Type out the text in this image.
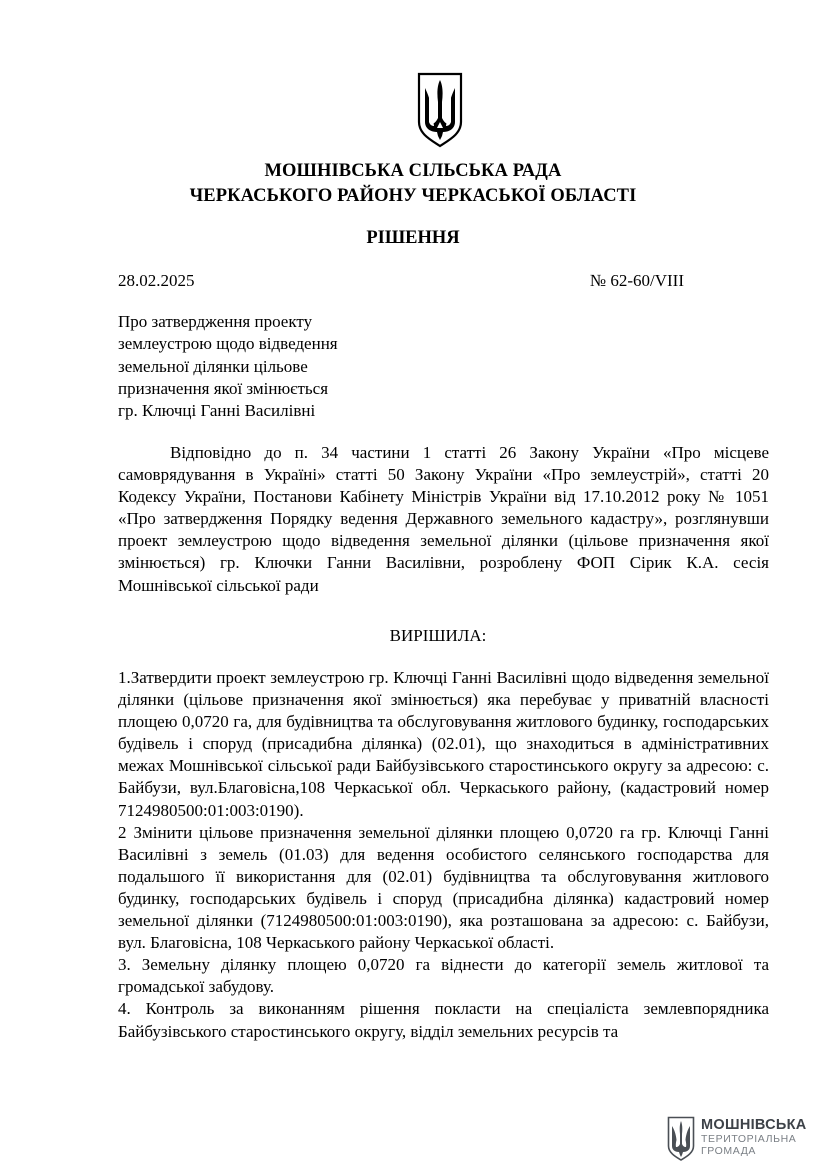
МОШНІВСЬКА СІЛЬСЬКА РАДА
ЧЕРКАСЬКОГО РАЙОНУ ЧЕРКАСЬКОЇ ОБЛАСТІ
РІШЕННЯ
28.02.2025	№ 62-60/VIII
Про затвердження проекту
землеустрою щодо відведення
земельної ділянки цільове
призначення якої змінюється
гр. Ключці Ганні Василівні
Відповідно до п. 34 частини 1 статті 26 Закону України «Про місцеве самоврядування в Україні» статті 50 Закону України «Про землеустрій», статті 20 Кодексу України, Постанови Кабінету Міністрів України від 17.10.2012 року № 1051 «Про затвердження Порядку ведення Державного земельного кадастру», розглянувши проект землеустрою щодо відведення земельної ділянки (цільове призначення якої змінюється) гр. Ключки Ганни Василівни, розроблену ФОП Сірик К.А. сесія Мошнівської сільської ради
ВИРІШИЛА:

1.Затвердити проект землеустрою гр. Ключці Ганні Василівні щодо відведення земельної ділянки (цільове призначення якої змінюється) яка перебуває у приватній власності площею 0,0720 га, для будівництва та обслуговування житлового будинку, господарських будівель і споруд (присадибна ділянка) (02.01), що знаходиться в адміністративних межах Мошнівської сільської ради Байбузівського старостинського округу за адресою: с. Байбузи, вул.Благовісна,108 Черкаської обл. Черкаського району, (кадастровий номер 7124980500:01:003:0190).

2 Змінити цільове призначення земельної ділянки площею 0,0720 га гр. Ключці Ганні Василівні з земель (01.03) для ведення особистого селянського господарства для подальшого її використання для (02.01) будівництва та обслуговування житлового будинку, господарських будівель і споруд (присадибна ділянка) кадастровий номер земельної ділянки (7124980500:01:003:0190), яка розташована за адресою: с. Байбузи, вул. Благовісна, 108 Черкаського району Черкаської області.

3. Земельну ділянку площею 0,0720 га віднести до категорії земель житлової та громадської забудову.

4. Контроль за виконанням рішення покласти на спеціаліста землевпорядника Байбузівського старостинського округу, відділ земельних ресурсів та

МОШНІВСЬКА
ТЕРИТОРІАЛЬНА
ГРОМАДА
